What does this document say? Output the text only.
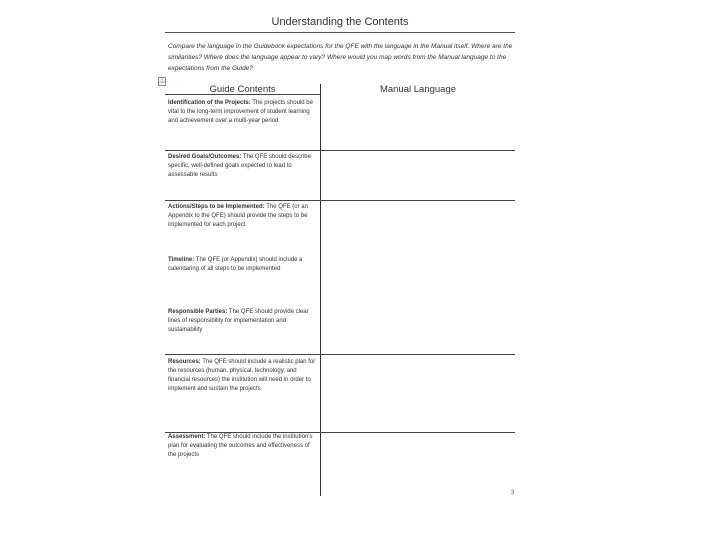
Understanding the Contents
Compare the language in the Guidebook expectations for the QFE with the language in the Manual itself. Where are the similarities? Where does the language appear to vary? Where would you map words from the Manual language to the expectations from the Guide?
⚓
Guide Contents	Manual Language
Identification of the Projects: The projects should be vital to the long-term improvement of student learning and achievement over a multi-year period
Desired Goals/Outcomes: The QFE should describe specific, well-defined goals expected to lead to assessable results
Actions/Steps to be Implemented: The QFE (or an Appendix to the QFE) should provide the steps to be implemented for each project
Timeline: The QFE (or Appendix) should include a calendaring of all steps to be implemented
Responsible Parties: The QFE should provide clear lines of responsibility for implementation and sustainability
Resources: The QFE should include a realistic plan for the resources (human, physical, technology, and financial resources) the institution will need in order to implement and sustain the projects
Assessment: The QFE should include the institution's plan for evaluating the outcomes and effectiveness of the projects
3
